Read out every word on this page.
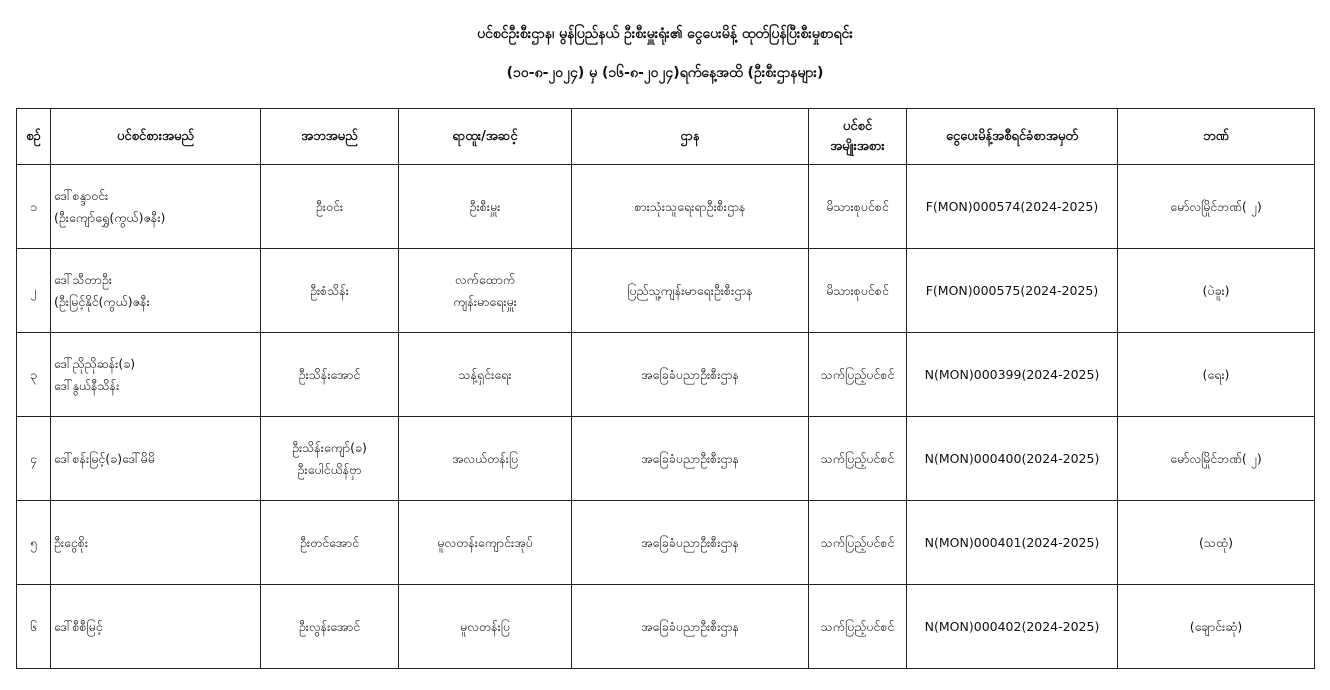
ပင်စင်ဦးစီးဌာန၊ မွန်ပြည်နယ် ဦးစီးမှူးရုံး၏ ငွေပေးမိန့် ထုတ်ပြန်ပြီးစီးမှုစာရင်း
(၁၀-၈-၂၀၂၄) မှ (၁၆-၈-၂၀၂၄)ရက်နေ့အထိ (ဦးစီးဌာနများ)
စဉ်	ပင်စင်စားအမည်	အဘအမည်	ရာထူး/အဆင့်	ဌာန	ပင်စင်
အမျိုးအစား	ငွေပေးမိန့်အစီရင်ခံစာအမှတ်	ဘဏ်
၁	ဒေါ်စန္ဒာဝင်း
(ဦးကျော်ရွှေ(ကွယ်)ဇနီး)	ဦးဝင်း	ဦးစီးမှူး	စားသုံးသူရေးရာဦးစီးဌာန	မိသားစုပင်စင်	F(MON)000574(2024-2025)	မော်လမြိုင်ဘဏ်( ၂)
၂	ဒေါ်သီတာဦး
(ဦးမြင့်နိုင်(ကွယ်)ဇနီး	ဦးစံသိန်း	လက်ထောက်
ကျန်းမာရေးမှူး	ပြည်သူ့ကျန်းမာရေးဦးစီးဌာန	မိသားစုပင်စင်	F(MON)000575(2024-2025)	(ပဲခူး)
၃	ဒေါ်ညိုညိုဆန်း(ခ)
ဒေါ်နွယ်နီသိန်း	ဦးသိန်းအောင်	သန့်ရှင်းရေး	အခြေခံပညာဦးစီးဌာန	သက်ပြည့်ပင်စင်	N(MON)000399(2024-2025)	(ရေး)
၄	ဒေါ်စန်းမြင့်(ခ)ဒေါ်မိမိ	ဦးသိန်းကျော်(ခ)
ဦးပေါင်ယိန်ဗှာ	အလယ်တန်းပြ	အခြေခံပညာဦးစီးဌာန	သက်ပြည့်ပင်စင်	N(MON)000400(2024-2025)	မော်လမြိုင်ဘဏ်( ၂)
၅	ဦးငွေစိုး	ဦးတင်အောင်	မူလတန်းကျောင်းအုပ်	အခြေခံပညာဦးစီးဌာန	သက်ပြည့်ပင်စင်	N(MON)000401(2024-2025)	(သထုံ)
၆	ဒေါ်စီစီမြင့်	ဦးလွန်းအောင်	မူလတန်းပြ	အခြေခံပညာဦးစီးဌာန	သက်ပြည့်ပင်စင်	N(MON)000402(2024-2025)	(ချောင်းဆုံ)
